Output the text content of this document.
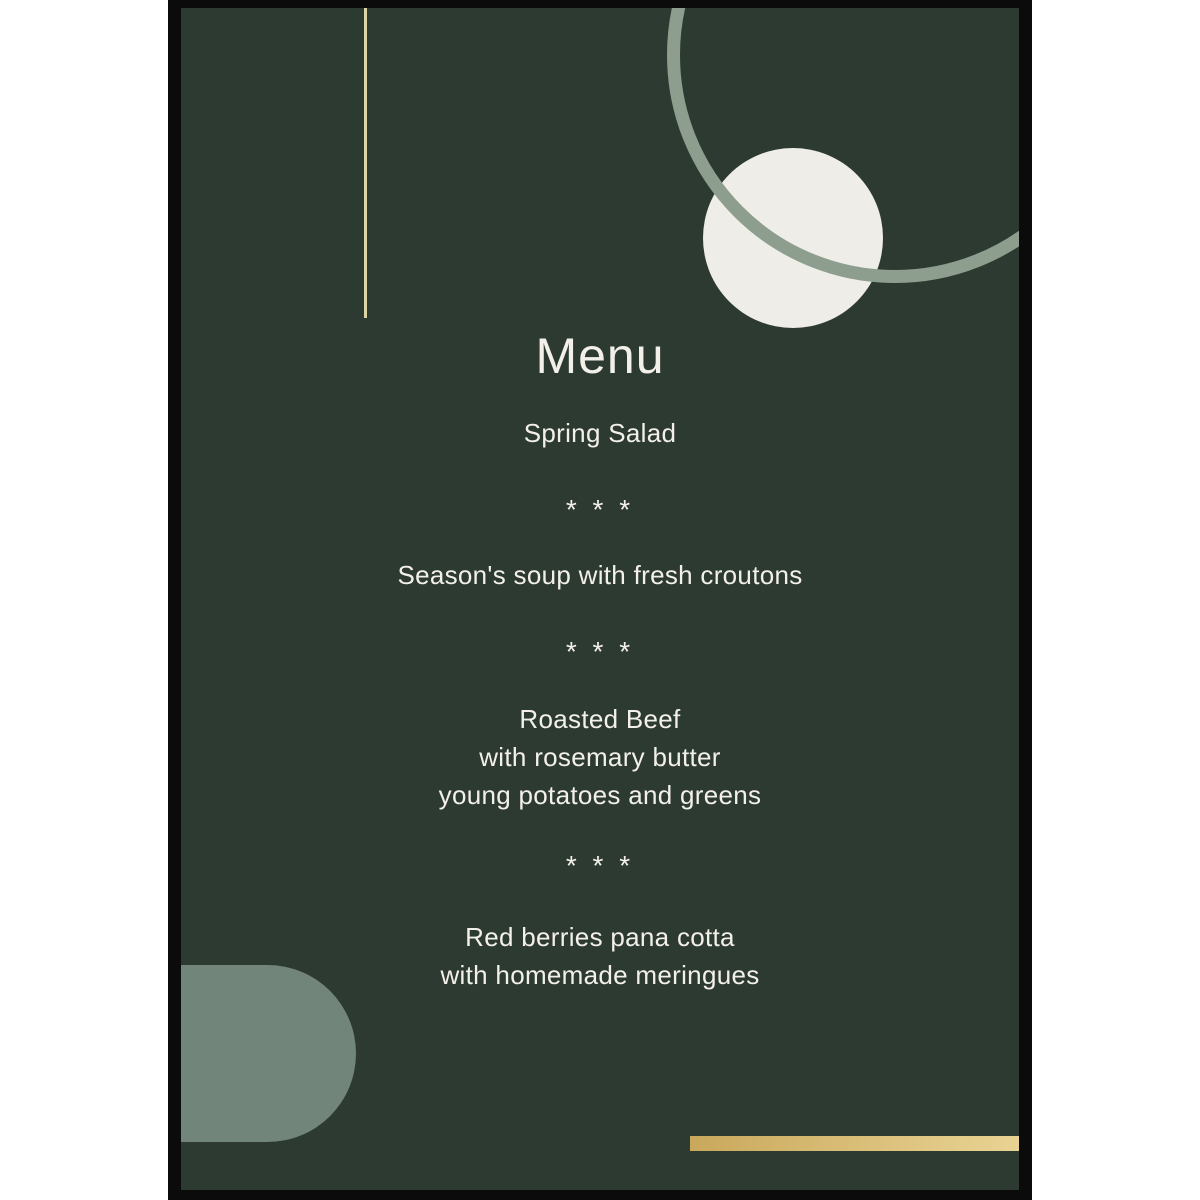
Menu
Spring Salad
* * *
Season's soup with fresh croutons
* * *
Roasted Beef
with rosemary butter
young potatoes and greens
* * *
Red berries pana cotta
with homemade meringues
